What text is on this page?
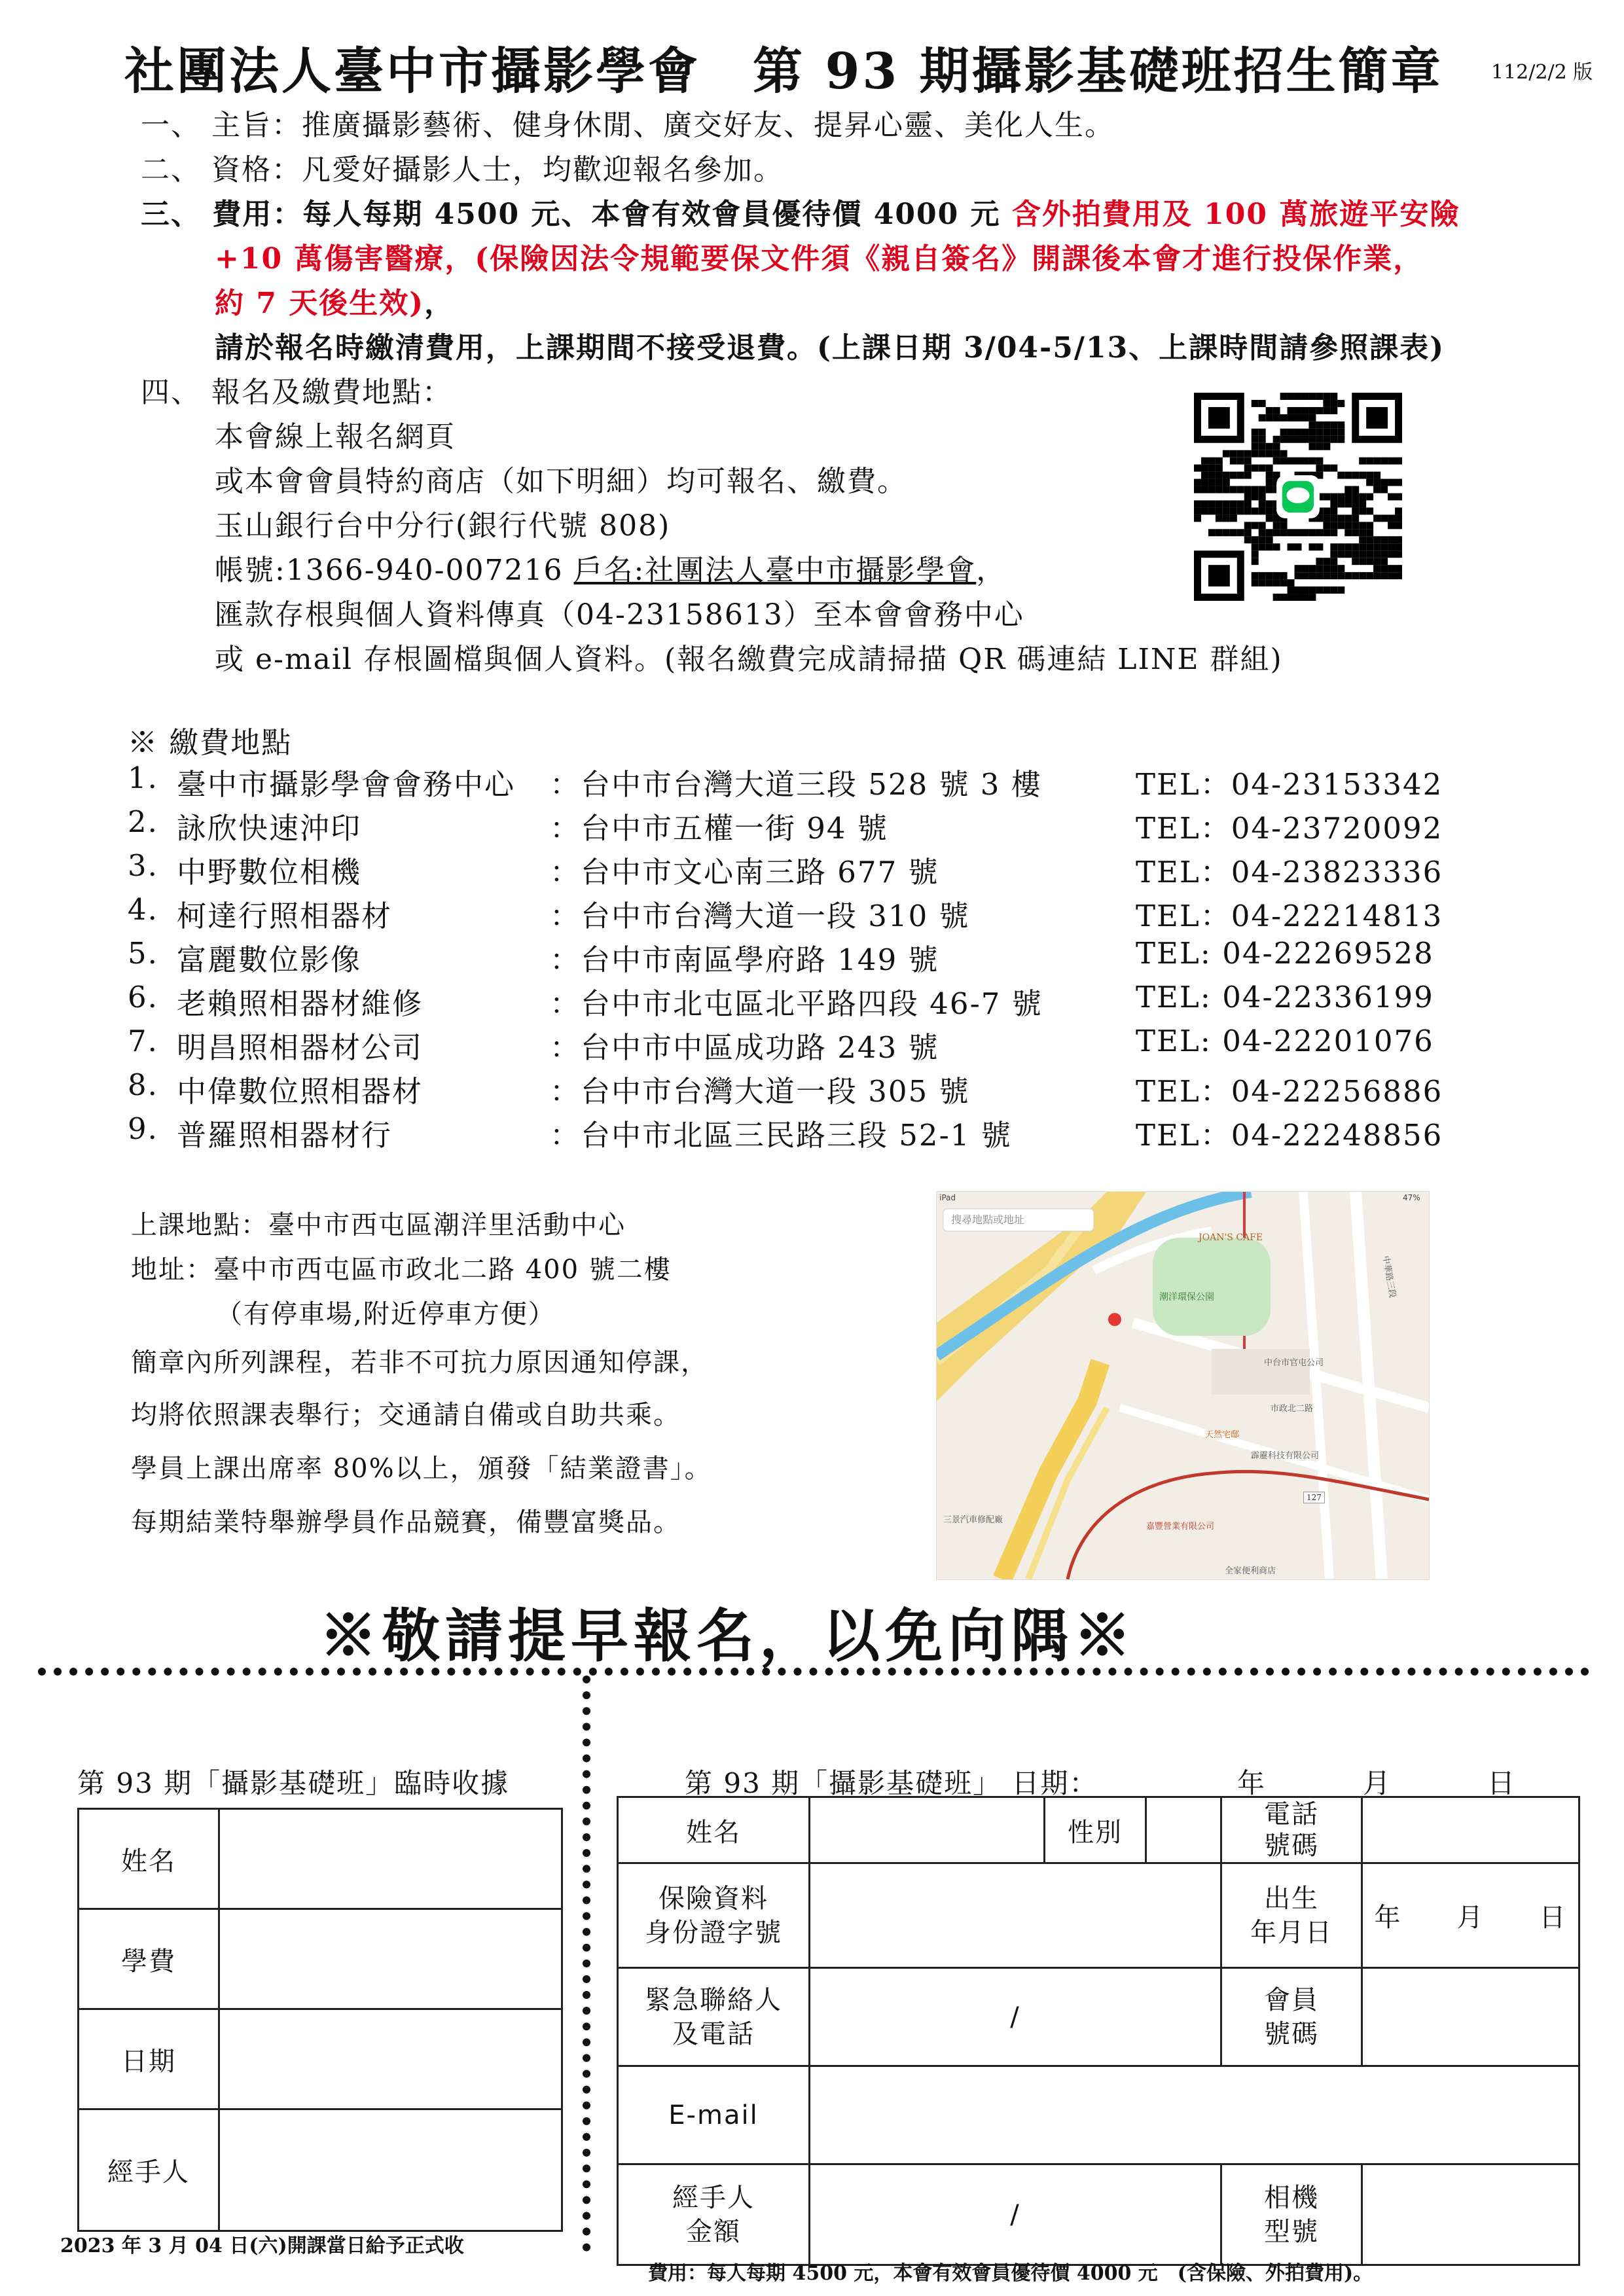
社團法人臺中市攝影學會　第 93 期攝影基礎班招生簡章 112/2/2 版
一、 主旨：推廣攝影藝術、健身休閒、廣交好友、提昇心靈、美化人生。
二、 資格：凡愛好攝影人士，均歡迎報名參加。
三、 費用：每人每期 4500 元、本會有效會員優待價 4000 元 含外拍費用及 100 萬旅遊平安險
+10 萬傷害醫療，(保險因法令規範要保文件須《親自簽名》開課後本會才進行投保作業，
約 7 天後生效)，
請於報名時繳清費用，上課期間不接受退費。(上課日期 3/04-5/13、上課時間請參照課表)
四、 報名及繳費地點：
本會線上報名網頁
或本會會員特約商店（如下明細）均可報名、繳費。
玉山銀行台中分行(銀行代號 808)
帳號:1366-940-007216 戶名:社團法人臺中市攝影學會，
匯款存根與個人資料傳真（04-23158613）至本會會務中心
或 e-mail 存根圖檔與個人資料。(報名繳費完成請掃描 QR 碼連結 LINE 群組)
※ 繳費地點
1. 臺中市攝影學會會務中心 ：台中市台灣大道三段 528 號 3 樓	TEL：04-23153342
2. 詠欣快速沖印	：台中市五權一街 94 號	TEL：04-23720092
3. 中野數位相機	：台中市文心南三路 677 號	TEL：04-23823336
4. 柯達行照相器材	：台中市台灣大道一段 310 號	TEL：04-22214813
5. 富麗數位影像	：台中市南區學府路 149 號	TEL: 04-22269528
6. 老賴照相器材維修	：台中市北屯區北平路四段 46-7 號	TEL: 04-22336199
7. 明昌照相器材公司	：台中市中區成功路 243 號	TEL: 04-22201076
8. 中偉數位照相器材	：台中市台灣大道一段 305 號	TEL：04-22256886
9. 普羅照相器材行	：台中市北區三民路三段 52-1 號	TEL：04-22248856
上課地點：臺中市西屯區潮洋里活動中心
地址：臺中市西屯區市政北二路 400 號二樓
（有停車場,附近停車方便）
簡章內所列課程，若非不可抗力原因通知停課，
均將依照課表舉行；交通請自備或自助共乘。
學員上課出席率 80%以上，頒發「結業證書」。
每期結業特舉辦學員作品競賽，備豐富獎品。
搜尋地點或地址
iPad	47%
潮洋環保公園
JOAN'S CAFE
中華路三段
中台市官屯公司
市政北二路
天然宅邸
霹靂科技有限公司
三景汽車修配廠
嘉豐營業有限公司
全家便利商店
127
※敬請提早報名，以免向隅※
第 93 期「攝影基礎班」臨時收據
姓名	
學費	
日期	
經手人	
2023 年 3 月 04 日(六)開課當日給予正式收
第 93 期「攝影基礎班」 日期：	年	月	日
姓名		性別		電話
號碼	
保險資料
身份證字號				出生
年月日	年　　月　　日
緊急聯絡人
及電話	/			會員
號碼	
E-mail					
經手人
金額	/			相機
型號	
費用：每人每期 4500 元，本會有效會員優待價 4000 元　(含保險、外拍費用)。
